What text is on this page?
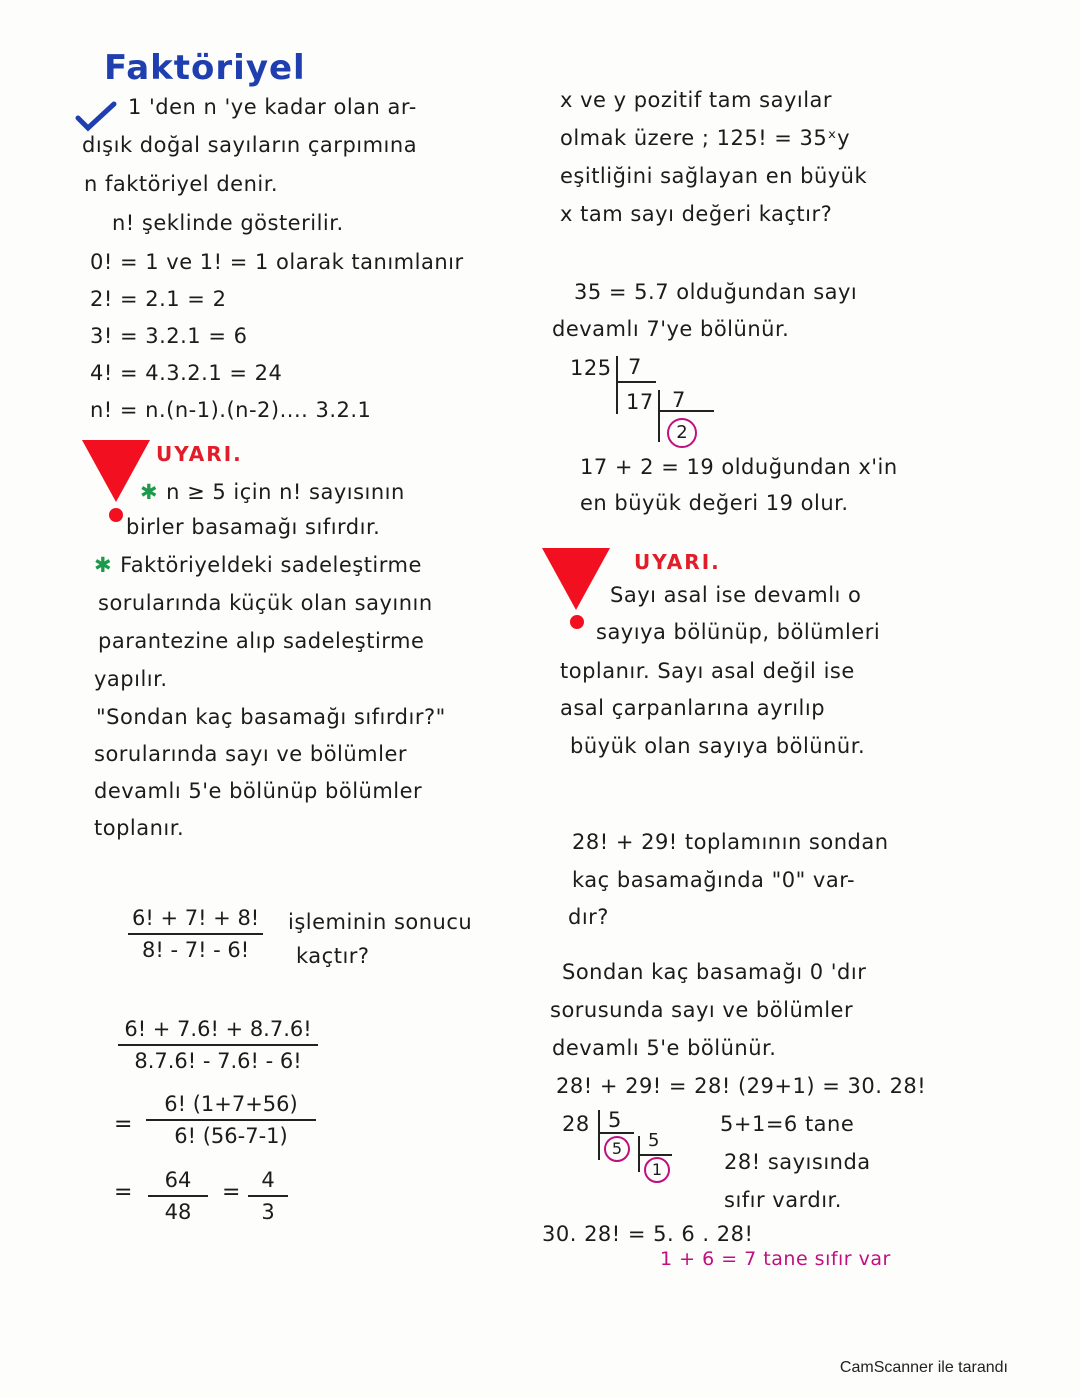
Faktöriyel
1 'den n 'ye kadar olan ar-
dışık doğal sayıların çarpımına
n faktöriyel denir.
n! şeklinde gösterilir.
0! = 1 ve 1! = 1 olarak tanımlanır
2! = 2.1 = 2
3! = 3.2.1 = 6
4! = 4.3.2.1 = 24
n! = n.(n-1).(n-2).... 3.2.1
UYARI.
✱ n ≥ 5 için n! sayısının
birler basamağı sıfırdır.
✱ Faktöriyeldeki sadeleştirme
sorularında küçük olan sayının
parantezine alıp sadeleştirme
yapılır.
"Sondan kaç basamağı sıfırdır?"
sorularında sayı ve bölümler
devamlı 5'e bölünüp bölümler
toplanır.
$\frac{6! + 7! + 8!}{8! - 7! - 6!}$ işleminin sonucu
kaçtır?
$\frac{6! + 7.6! + 8.7.6!}{8.7.6! - 7.6! - 6!}$
= $\frac{6! (1+7+56)}{6! (56-7-1)}$
= $\frac{64}{48} = \frac{4}{3}$
x ve y pozitif tam sayılar
olmak üzere ; 125! = 35ˣy
eşitliğini sağlayan en büyük
x tam sayı değeri kaçtır?
35 = 5.7 olduğundan sayı
devamlı 7'ye bölünür.
125 7
17 7
2
17 + 2 = 19 olduğundan x'in
en büyük değeri 19 olur.
UYARI.
Sayı asal ise devamlı o
sayıya bölünüp, bölümleri
toplanır. Sayı asal değil ise
asal çarpanlarına ayrılıp
büyük olan sayıya bölünür.
28! + 29! toplamının sondan
kaç basamağında "0" var-
dır?
Sondan kaç basamağı 0 'dır
sorusunda sayı ve bölümler
devamlı 5'e bölünür.
28! + 29! = 28! (29+1) = 30. 28!
28 5
5	5
1
5+1=6 tane
28! sayısında
sıfır vardır.
30. 28! = 5. 6 . 28!
1 + 6 = 7 tane sıfır var
CamScanner ile tarandı
